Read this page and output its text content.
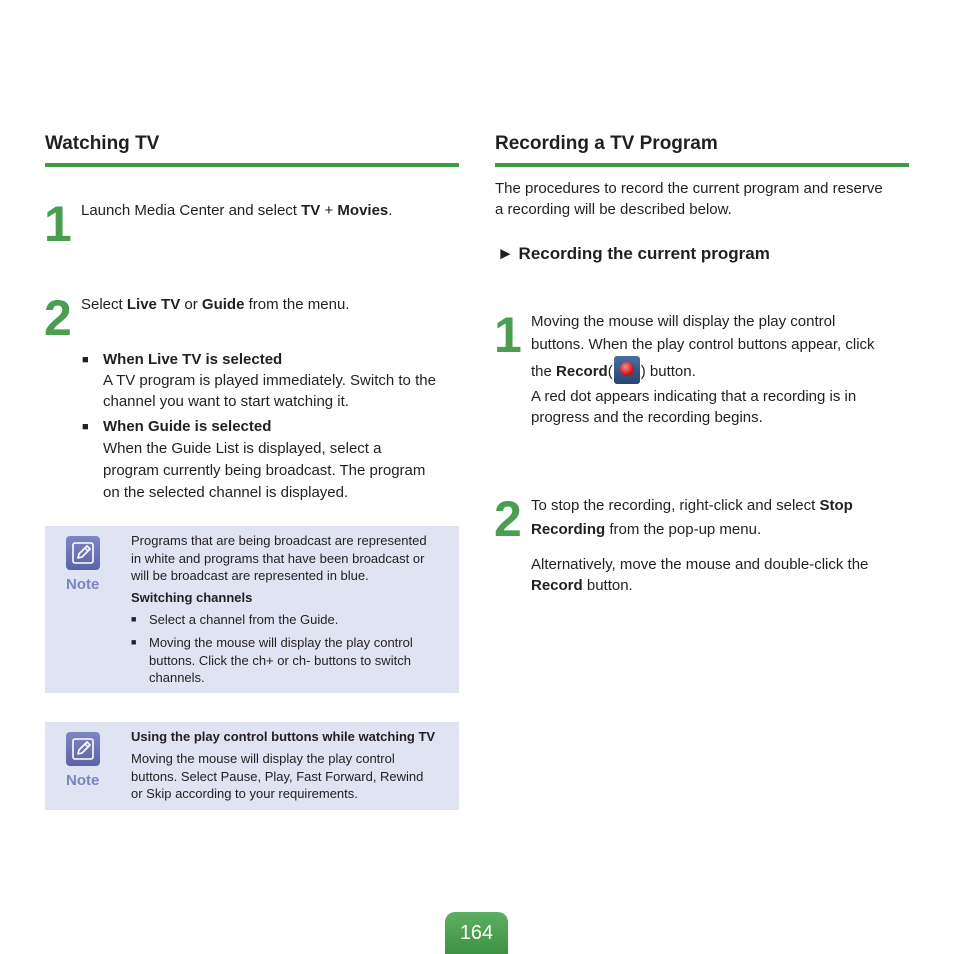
Watching TV
1 Launch Media Center and select TV + Movies.
2 Select Live TV or Guide from the menu.
■ When Live TV is selected
A TV program is played immediately. Switch to the
channel you want to start watching it.
■ When Guide is selected
When the Guide List is displayed, select a
program currently being broadcast. The program
on the selected channel is displayed.
Note
Programs that are being broadcast are represented
in white and programs that have been broadcast or
will be broadcast are represented in blue.
Switching channels
■ Select a channel from the Guide.
■ Moving the mouse will display the play control
buttons. Click the ch+ or ch- buttons to switch
channels.
Note
Using the play control buttons while watching TV
Moving the mouse will display the play control
buttons. Select Pause, Play, Fast Forward, Rewind
or Skip according to your requirements.
Recording a TV Program
The procedures to record the current program and reserve
a recording will be described below.
► Recording the current program
1 Moving the mouse will display the play control
buttons. When the play control buttons appear, click
the Record( ) button.
A red dot appears indicating that a recording is in
progress and the recording begins.
2 To stop the recording, right-click and select Stop
Recording from the pop-up menu.
Alternatively, move the mouse and double-click the
Record button.
164
